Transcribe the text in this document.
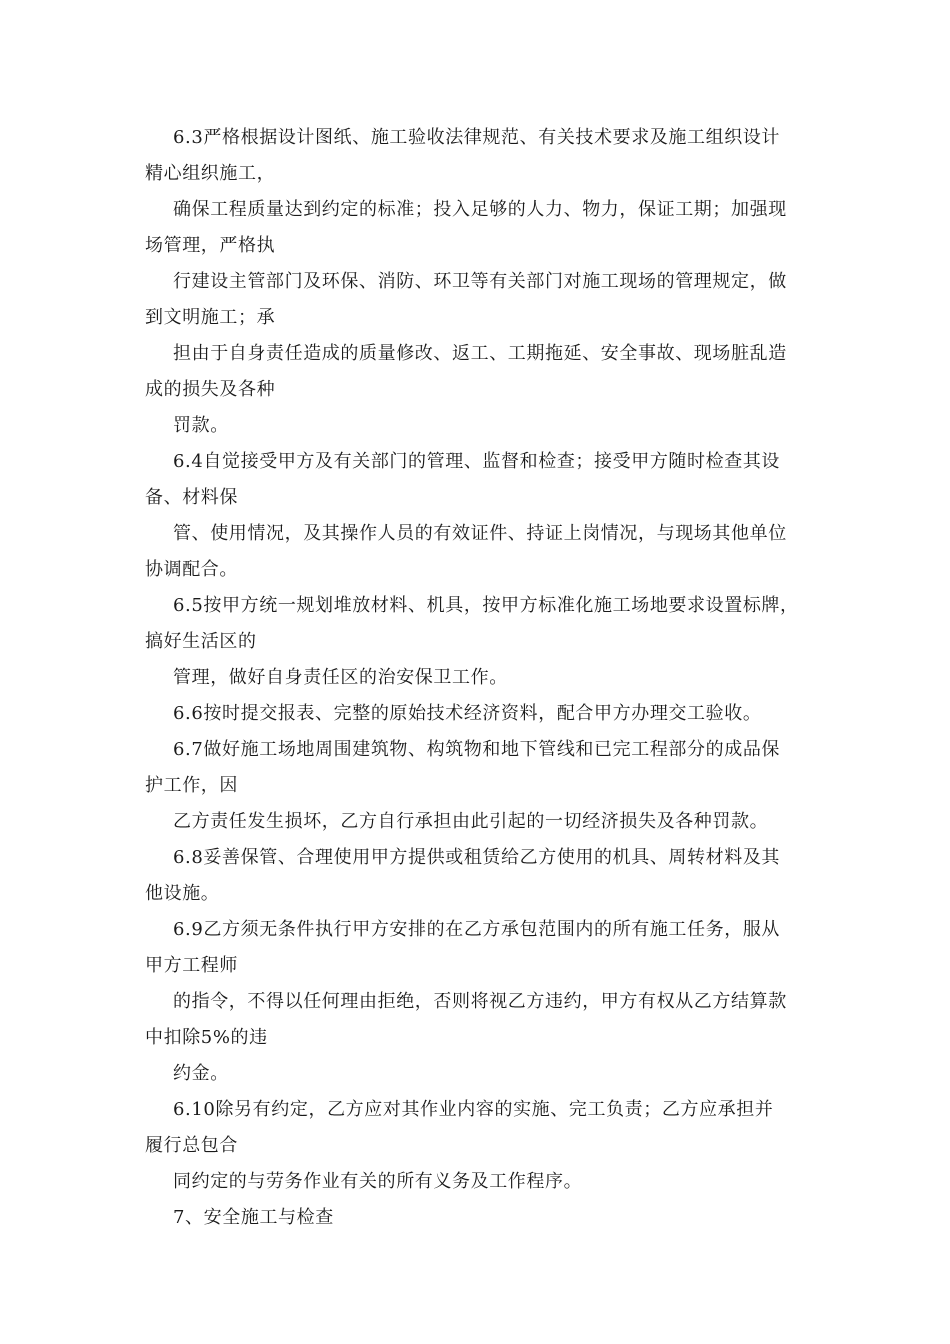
6.3严格根据设计图纸、施工验收法律规范、有关技术要求及施工组织设计
精心组织施工，
确保工程质量达到约定的标准；投入足够的人力、物力，保证工期；加强现
场管理，严格执
行建设主管部门及环保、消防、环卫等有关部门对施工现场的管理规定，做
到文明施工；承
担由于自身责任造成的质量修改、返工、工期拖延、安全事故、现场脏乱造
成的损失及各种
罚款。
6.4自觉接受甲方及有关部门的管理、监督和检查；接受甲方随时检查其设
备、材料保
管、使用情况，及其操作人员的有效证件、持证上岗情况，与现场其他单位
协调配合。
6.5按甲方统一规划堆放材料、机具，按甲方标准化施工场地要求设置标牌，
搞好生活区的
管理，做好自身责任区的治安保卫工作。
6.6按时提交报表、完整的原始技术经济资料，配合甲方办理交工验收。
6.7做好施工场地周围建筑物、构筑物和地下管线和已完工程部分的成品保
护工作，因
乙方责任发生损坏，乙方自行承担由此引起的一切经济损失及各种罚款。
6.8妥善保管、合理使用甲方提供或租赁给乙方使用的机具、周转材料及其
他设施。
6.9乙方须无条件执行甲方安排的在乙方承包范围内的所有施工任务，服从
甲方工程师
的指令，不得以任何理由拒绝，否则将视乙方违约，甲方有权从乙方结算款
中扣除5%的违
约金。
6.10除另有约定，乙方应对其作业内容的实施、完工负责；乙方应承担并
履行总包合
同约定的与劳务作业有关的所有义务及工作程序。
7、安全施工与检查
